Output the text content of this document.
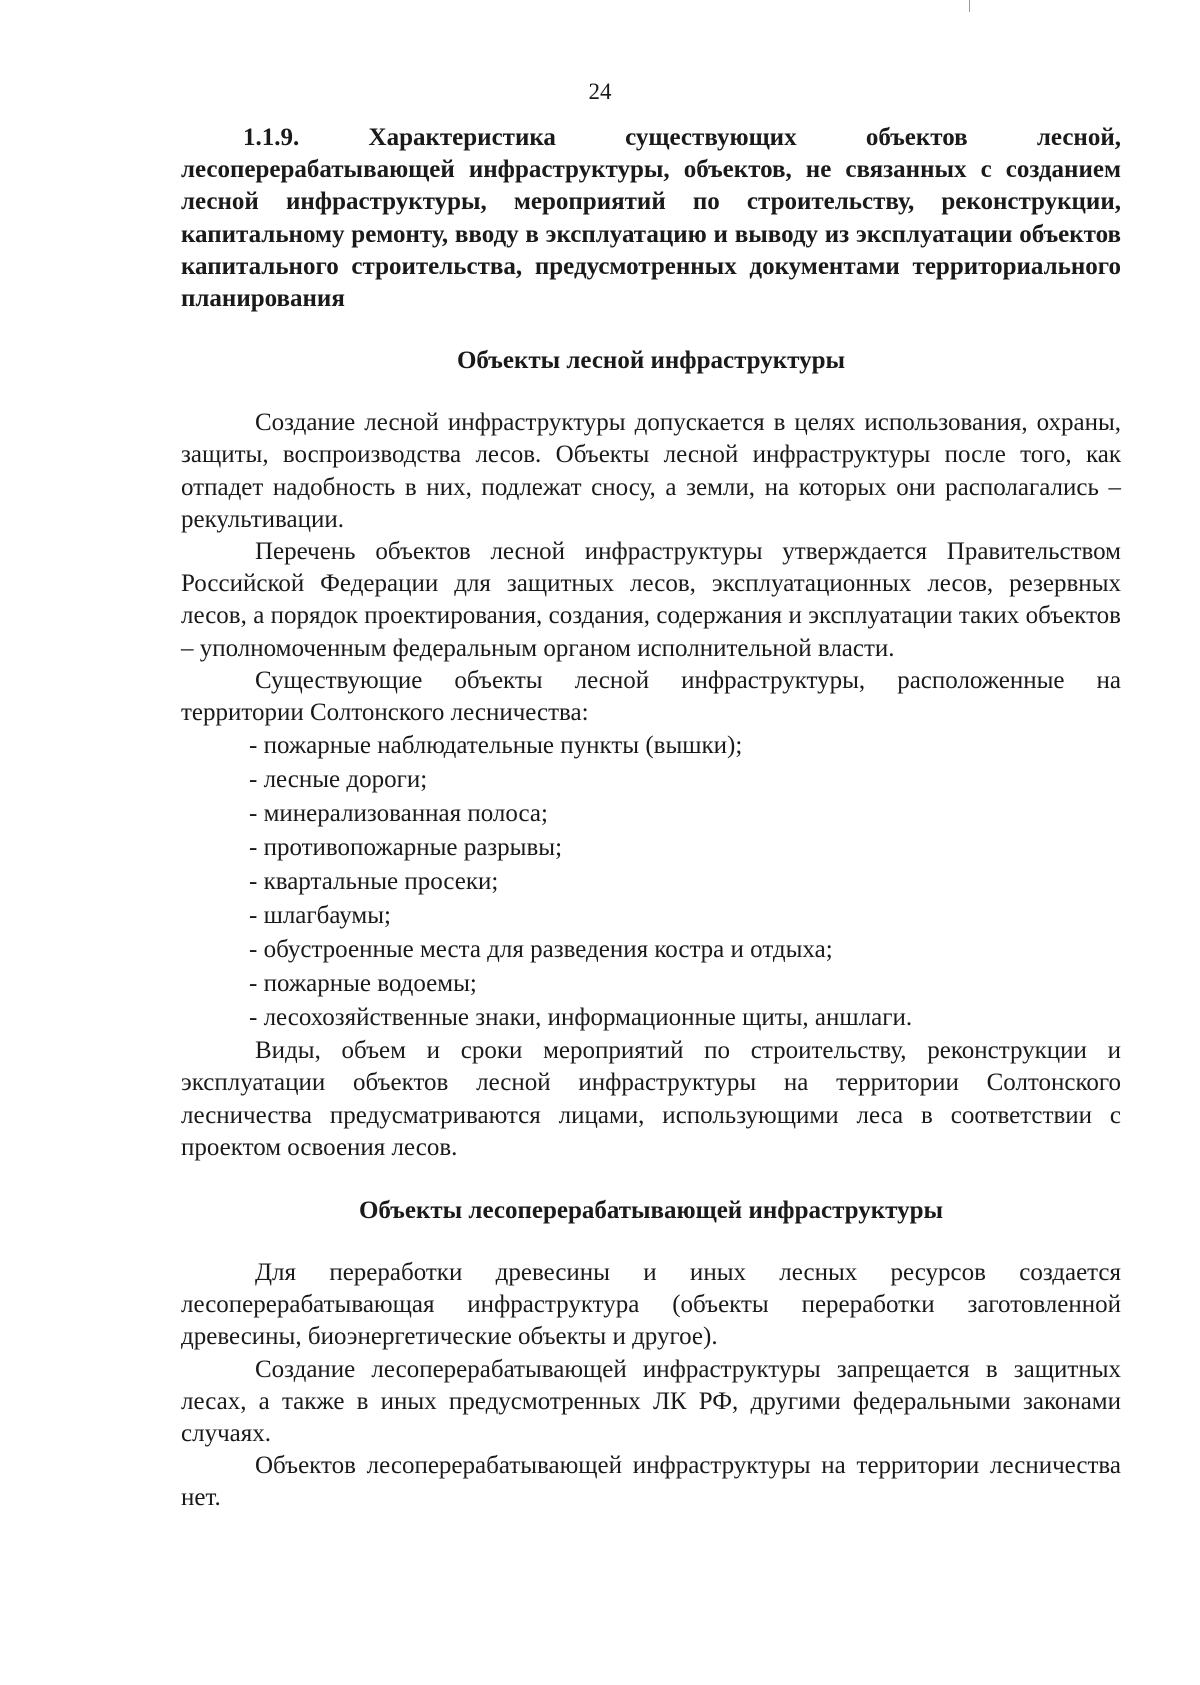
24

1.1.9.	Характеристика существующих объектов лесной, лесоперерабатывающей инфраструктуры, объектов, не связанных с созданием лесной инфраструктуры, мероприятий по строительству, реконструкции, капитальному ремонту, вводу в эксплуатацию и выводу из эксплуатации объектов капитального строительства, предусмотренных документами территориального планирования

Объекты лесной инфраструктуры

Создание лесной инфраструктуры допускается в целях использования, охраны, защиты, воспроизводства лесов. Объекты лесной инфраструктуры после того, как отпадет надобность в них, подлежат сносу, а земли, на которых они располагались – рекультивации.

Перечень объектов лесной инфраструктуры утверждается Правительством Российской Федерации для защитных лесов, эксплуатационных лесов, резервных лесов, а порядок проектирования, создания, содержания и эксплуатации таких объектов – уполномоченным федеральным органом исполнительной власти.

Существующие объекты лесной инфраструктуры, расположенные на территории Солтонского лесничества:

- пожарные наблюдательные пункты (вышки);
- лесные дороги;
- минерализованная полоса;
- противопожарные разрывы;
- квартальные просеки;
- шлагбаумы;
- обустроенные места для разведения костра и отдыха;
- пожарные водоемы;
- лесохозяйственные знаки, информационные щиты, аншлаги.

Виды, объем и сроки мероприятий по строительству, реконструкции и эксплуатации объектов лесной инфраструктуры на территории Солтонского лесничества предусматриваются лицами, использующими леса в соответствии с проектом освоения лесов.

Объекты лесоперерабатывающей инфраструктуры

Для переработки древесины и иных лесных ресурсов создается лесоперерабатывающая инфраструктура (объекты переработки заготовленной древесины, биоэнергетические объекты и другое).

Создание лесоперерабатывающей инфраструктуры запрещается в защитных лесах, а также в иных предусмотренных ЛК РФ, другими федеральными законами случаях.

Объектов лесоперерабатывающей инфраструктуры на территории лесничества нет.
